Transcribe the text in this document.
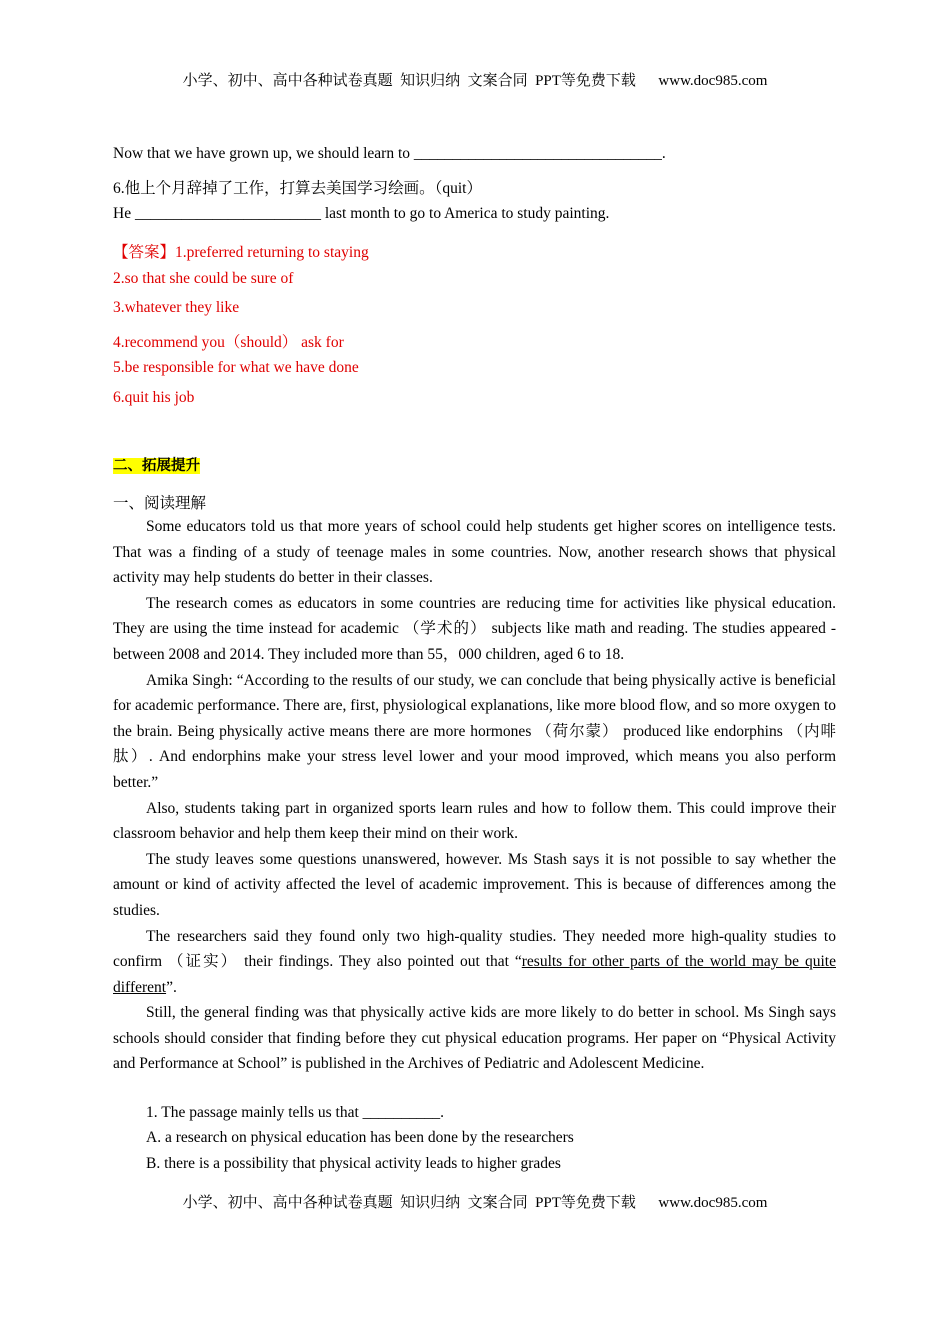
小学、初中、高中各种试卷真题  知识归纳  文案合同  PPT等免费下载      www.doc985.com
Now that we have grown up, we should learn to ________________________________.
6.他上个月辞掉了工作，打算去美国学习绘画。（quit）
He ________________________ last month to go to America to study painting.
【答案】1.preferred returning to staying
2.so that she could be sure of
3.whatever they like
4.recommend you（should） ask for
5.be responsible for what we have done
6.quit his job
二、拓展提升
一、阅读理解

Some educators told us that more years of school could help students get higher scores on intelligence tests. That was a finding of a study of teenage males in some countries. Now, another research shows that physical activity may help students do better in their classes.

The research comes as educators in some countries are reducing time for activities like physical education. They are using the time instead for academic （学术的） subjects like math and reading. The studies appeared -between 2008 and 2014. They included more than 55，000 children, aged 6 to 18.

Amika Singh: “According to the results of our study, we can conclude that being physically active is beneficial for academic performance. There are, first, physiological explanations, like more blood flow, and so more oxygen to the brain. Being physically active means there are more hormones （荷尔蒙） produced like endorphins （内啡肽）. And endorphins make your stress level lower and your mood improved, which means you also perform better.”

Also, students taking part in organized sports learn rules and how to follow them. This could improve their classroom behavior and help them keep their mind on their work.

The study leaves some questions unanswered, however. Ms Stash says it is not possible to say whether the amount or kind of activity affected the level of academic improvement. This is because of differences among the studies.

The researchers said they found only two high-quality studies. They needed more high-quality studies to confirm （证实） their findings. They also pointed out that “results for other parts of the world may be quite different”.

Still, the general finding was that physically active kids are more likely to do better in school. Ms Singh says schools should consider that finding before they cut physical education programs. Her paper on “Physical Activity and Performance at School” is published in the Archives of Pediatric and Adolescent Medicine.

1. The passage mainly tells us that __________.
A. a research on physical education has been done by the researchers
B. there is a possibility that physical activity leads to higher grades
小学、初中、高中各种试卷真题  知识归纳  文案合同  PPT等免费下载      www.doc985.com
